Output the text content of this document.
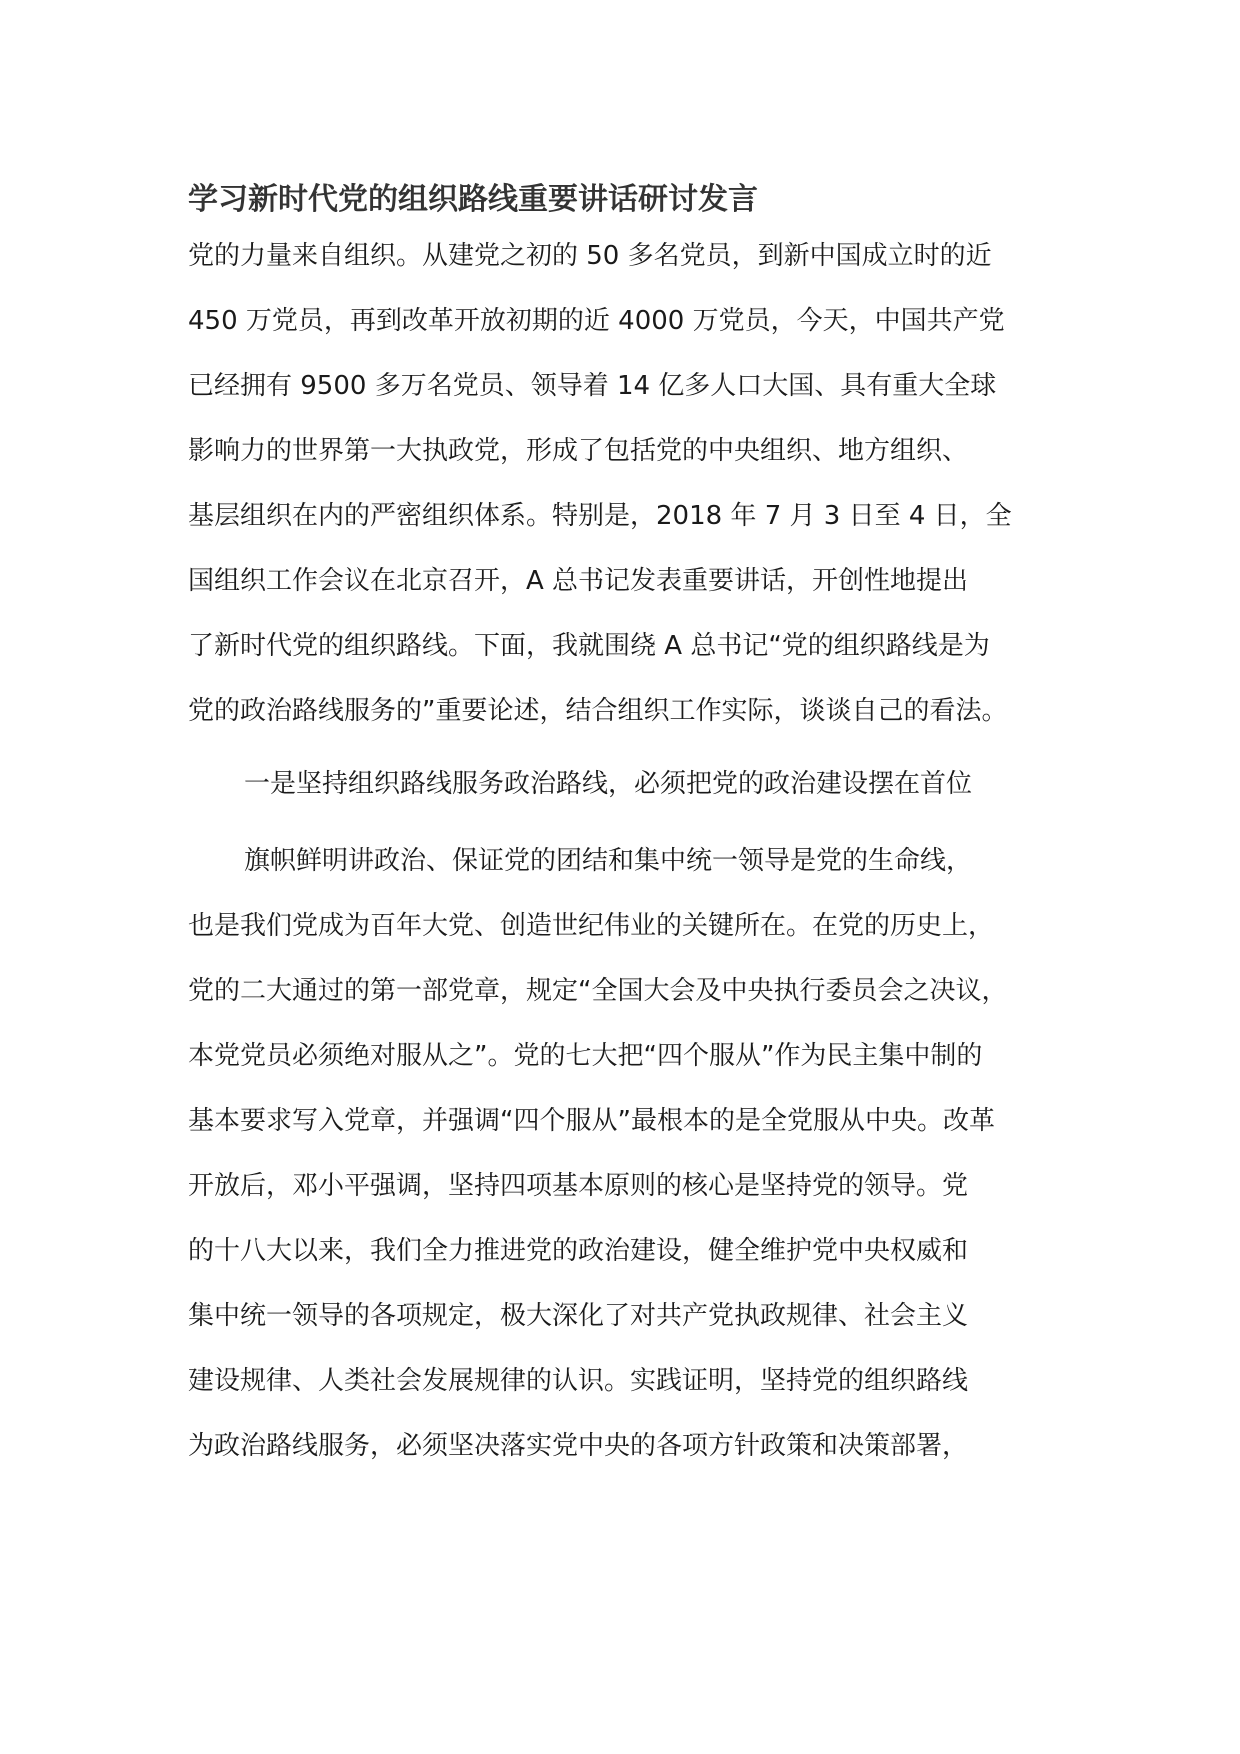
学习新时代党的组织路线重要讲话研讨发言
党的力量来自组织。从建党之初的 50 多名党员，到新中国成立时的近
450 万党员，再到改革开放初期的近 4000 万党员，今天，中国共产党
已经拥有 9500 多万名党员、领导着 14 亿多人口大国、具有重大全球
影响力的世界第一大执政党，形成了包括党的中央组织、地方组织、
基层组织在内的严密组织体系。特别是，2018 年 7 月 3 日至 4 日，全
国组织工作会议在北京召开，A 总书记发表重要讲话，开创性地提出
了新时代党的组织路线。下面，我就围绕 A 总书记“党的组织路线是为
党的政治路线服务的”重要论述，结合组织工作实际，谈谈自己的看法。
一是坚持组织路线服务政治路线，必须把党的政治建设摆在首位
旗帜鲜明讲政治、保证党的团结和集中统一领导是党的生命线，
也是我们党成为百年大党、创造世纪伟业的关键所在。在党的历史上，
党的二大通过的第一部党章，规定“全国大会及中央执行委员会之决议，
本党党员必须绝对服从之”。党的七大把“四个服从”作为民主集中制的
基本要求写入党章，并强调“四个服从”最根本的是全党服从中央。改革
开放后，邓小平强调，坚持四项基本原则的核心是坚持党的领导。党
的十八大以来，我们全力推进党的政治建设，健全维护党中央权威和
集中统一领导的各项规定，极大深化了对共产党执政规律、社会主义
建设规律、人类社会发展规律的认识。实践证明，坚持党的组织路线
为政治路线服务，必须坚决落实党中央的各项方针政策和决策部署，
